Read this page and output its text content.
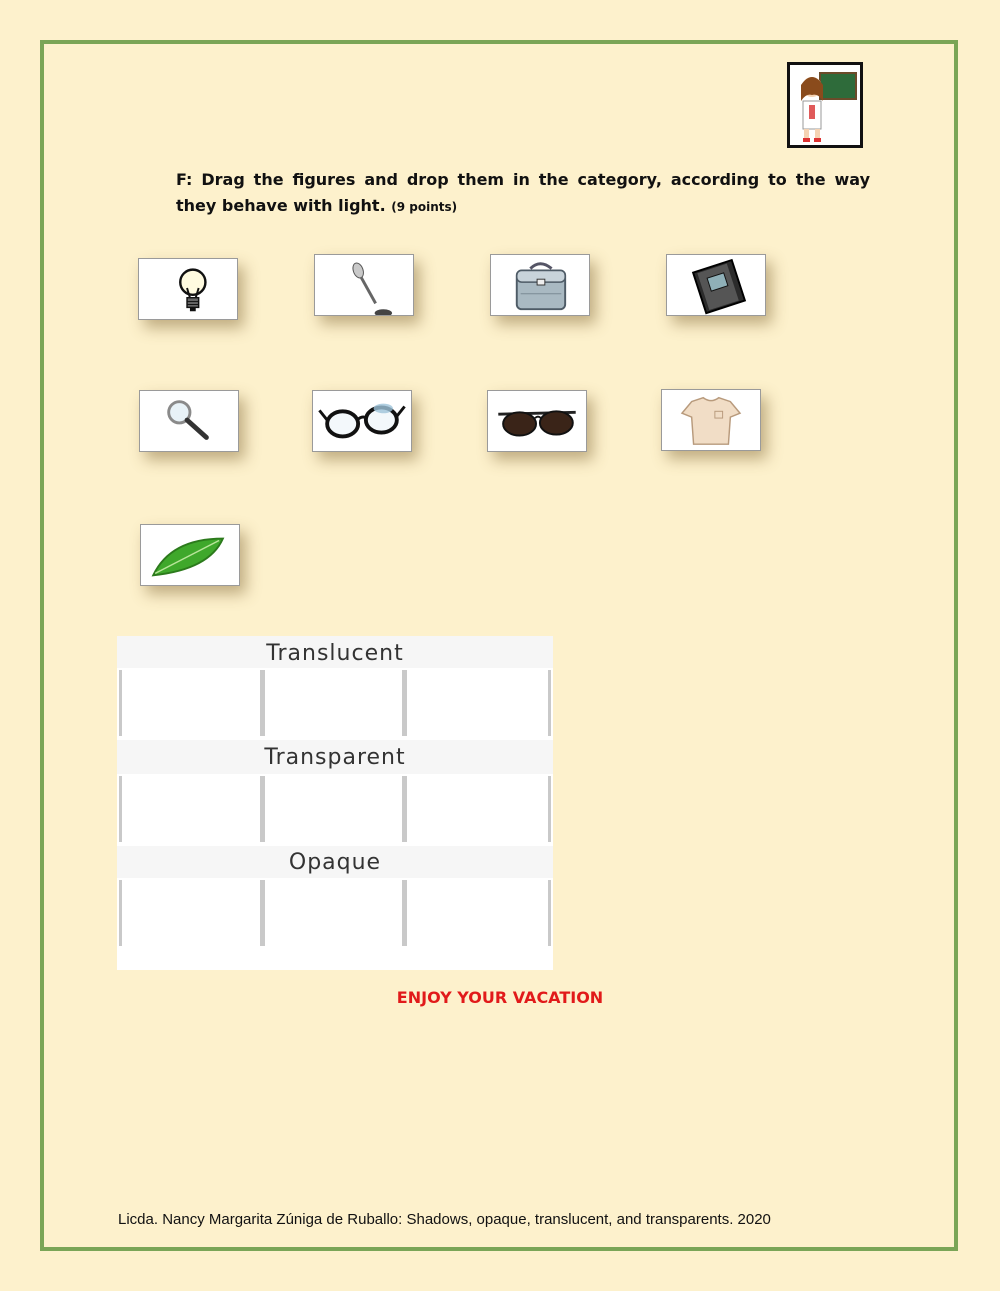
F: Drag the figures and drop them in the category, according to the way they behave with light. (9 points)
Translucent
Transparent
Opaque
ENJOY YOUR VACATION
Licda. Nancy Margarita Zúniga de Ruballo: Shadows, opaque, translucent, and transparents. 2020
